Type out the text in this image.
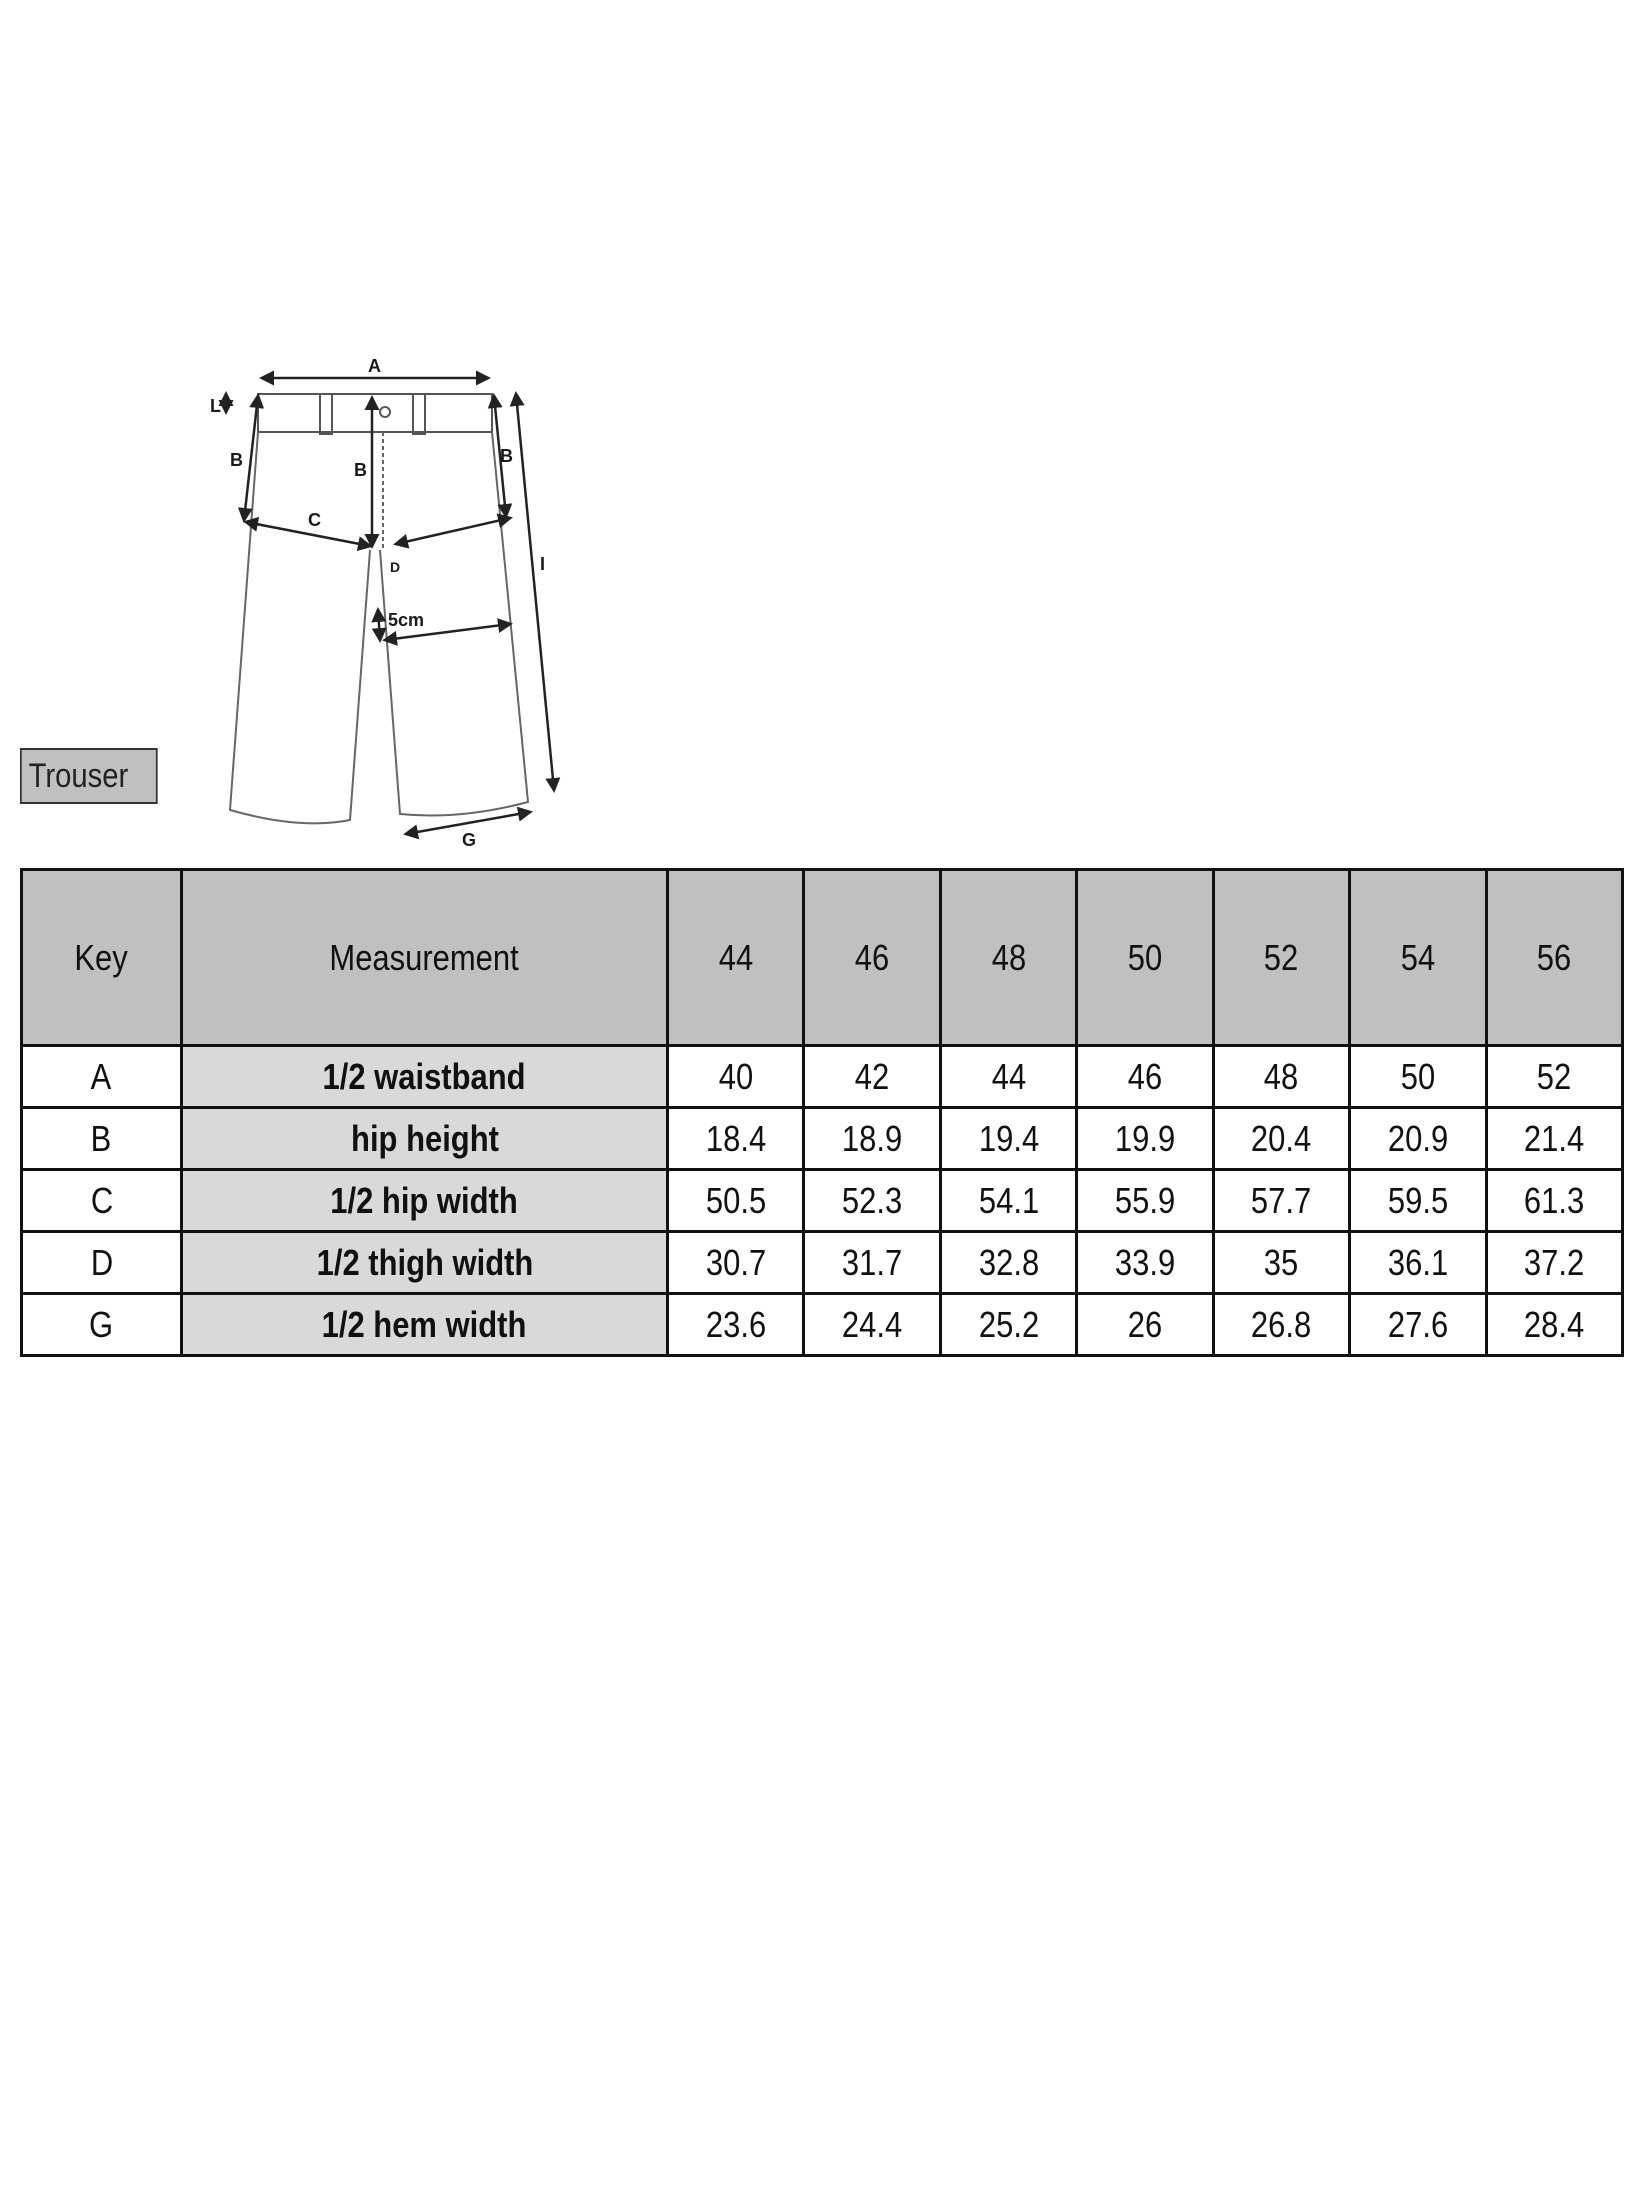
A
L
B	B
B
C
D
5cm
I
G
Trouser
Key	Measurement	44	46	48	50	52	54	56
A	1/2 waistband	40	42	44	46	48	50	52
B	hip height	18.4	18.9	19.4	19.9	20.4	20.9	21.4
C	1/2 hip width	50.5	52.3	54.1	55.9	57.7	59.5	61.3
D	1/2 thigh width	30.7	31.7	32.8	33.9	35	36.1	37.2
G	1/2 hem width	23.6	24.4	25.2	26	26.8	27.6	28.4
